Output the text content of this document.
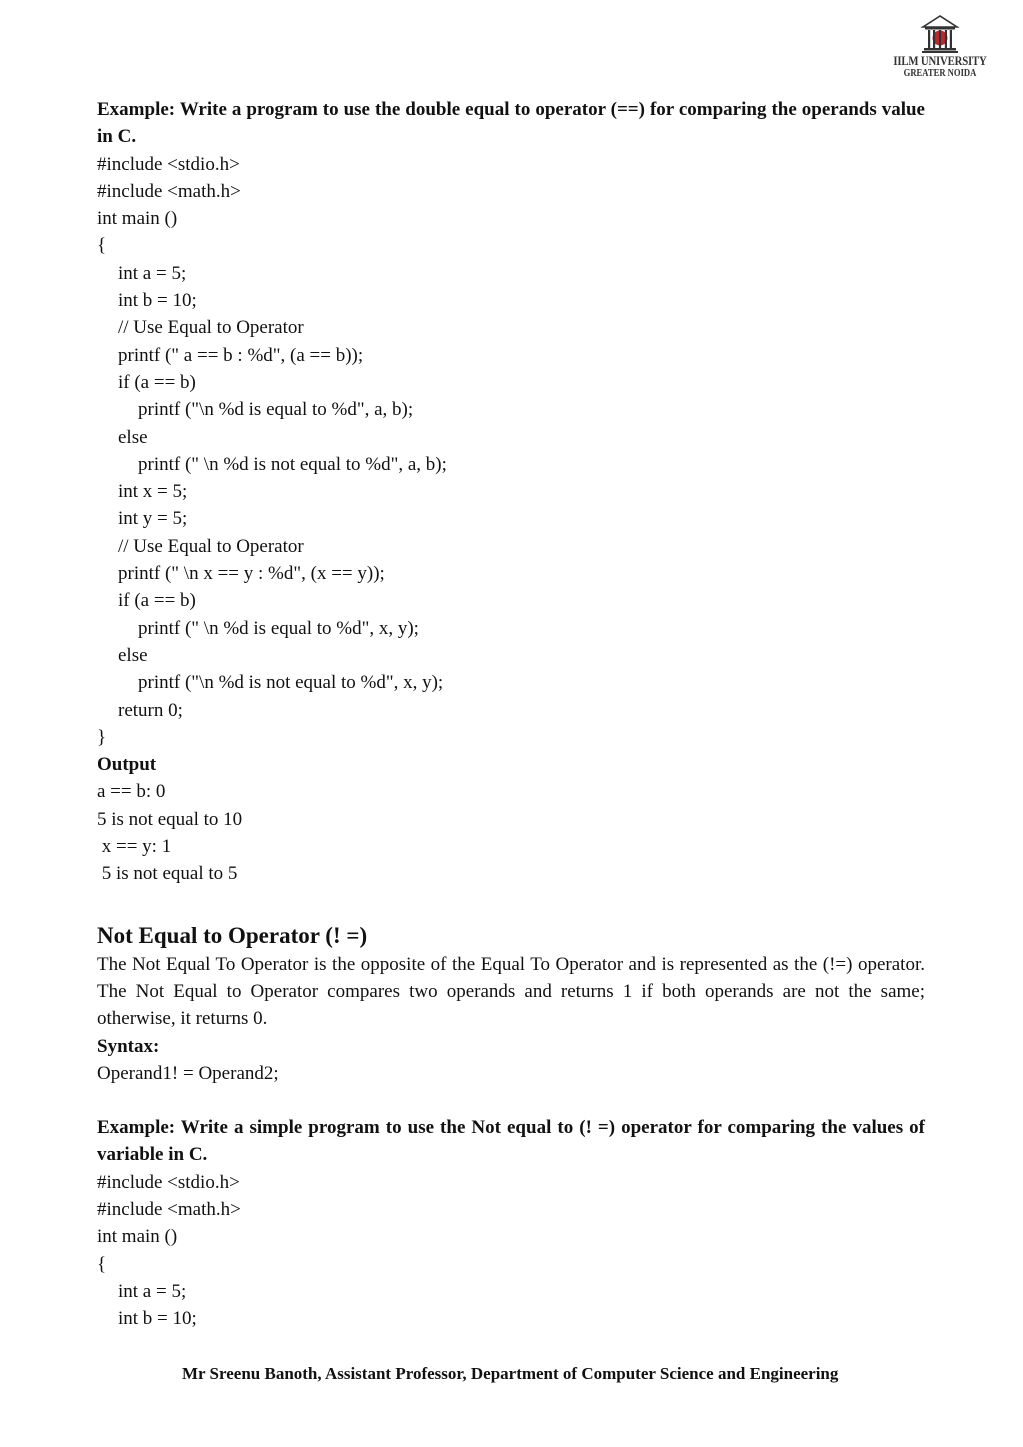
IILM UNIVERSITY
GREATER NOIDA
Example: Write a program to use the double equal to operator (==) for comparing the operands value in C.
#include <stdio.h>
#include <math.h>
int main ()
{
int a = 5;
int b = 10;
// Use Equal to Operator
printf (" a == b : %d", (a == b));
if (a == b)
printf ("\n %d is equal to %d", a, b);
else
printf (" \n %d is not equal to %d", a, b);
int x = 5;
int y = 5;
// Use Equal to Operator
printf (" \n x == y : %d", (x == y));
if (a == b)
printf (" \n %d is equal to %d", x, y);
else
printf ("\n %d is not equal to %d", x, y);
return 0;
}
Output
a == b: 0
5 is not equal to 10
x == y: 1
5 is not equal to 5
Not Equal to Operator (! =)
The Not Equal To Operator is the opposite of the Equal To Operator and is represented as the (!=) operator. The Not Equal to Operator compares two operands and returns 1 if both operands are not the same; otherwise, it returns 0.
Syntax:
Operand1! = Operand2;
Example: Write a simple program to use the Not equal to (! =) operator for comparing the values of variable in C.
#include <stdio.h>
#include <math.h>
int main ()
{
int a = 5;
int b = 10;
Mr Sreenu Banoth, Assistant Professor, Department of Computer Science and Engineering
